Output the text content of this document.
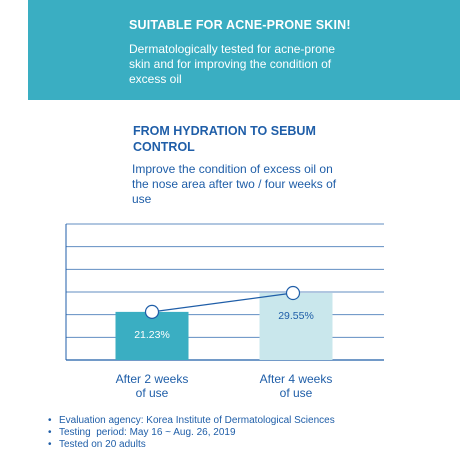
SUITABLE FOR ACNE-PRONE SKIN!
Dermatologically tested for acne-prone skin and for improving the condition of excess oil
FROM HYDRATION TO SEBUM CONTROL
Improve the condition of excess oil on the nose area after two / four weeks of use
21.23%
29.55%
After 2 weeks of use
After 4 weeks of use
• Evaluation agency: Korea Institute of Dermatological Sciences
• Testing  period: May 16 ~ Aug. 26, 2019
• Tested on 20 adults
